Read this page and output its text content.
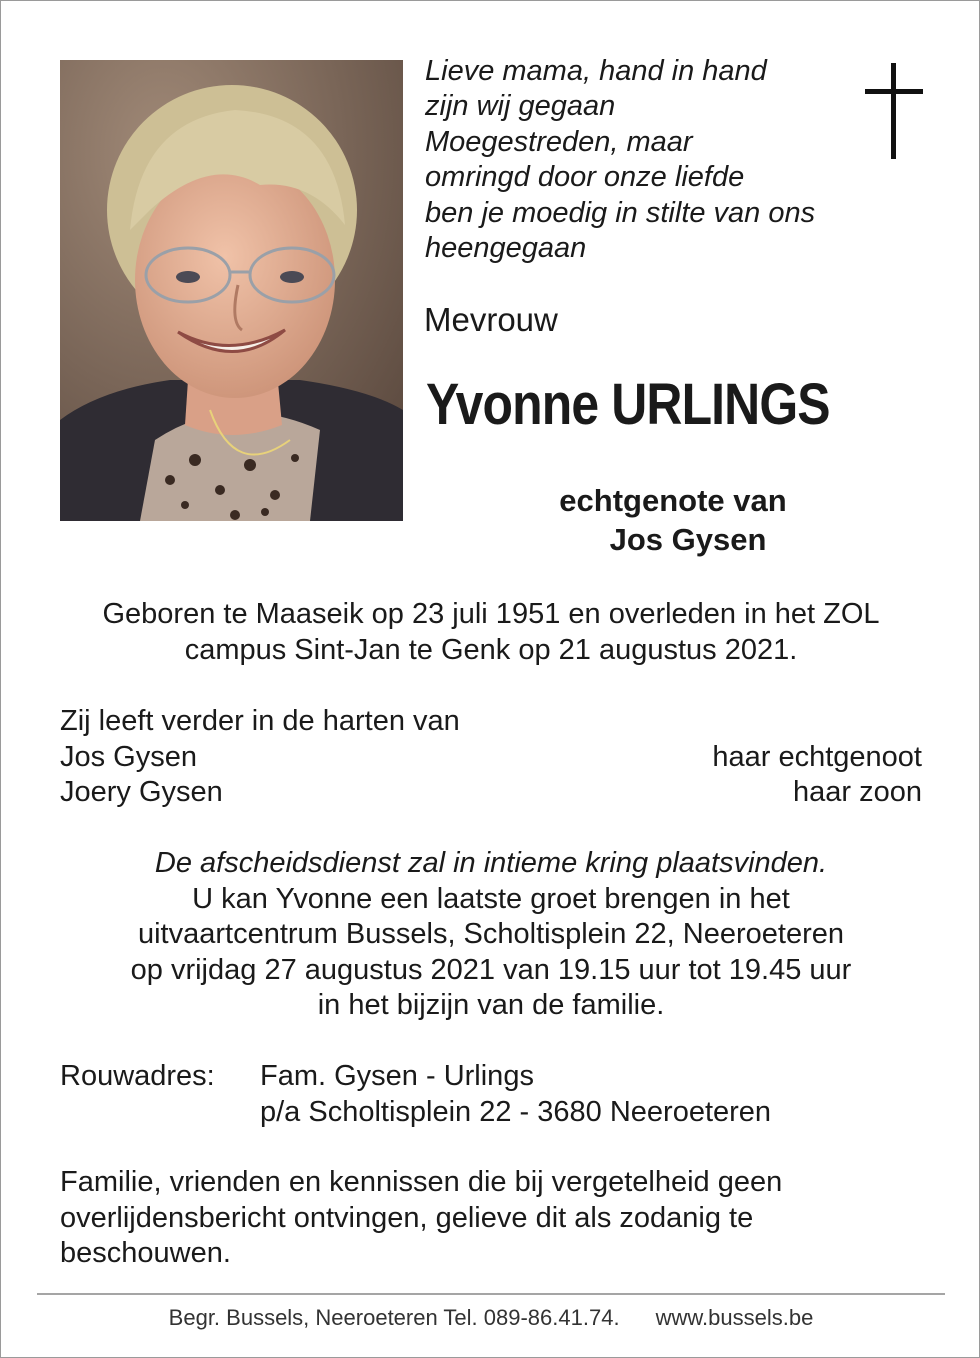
Lieve mama, hand in hand
zijn wij gegaan
Moegestreden, maar
omringd door onze liefde
ben je moedig in stilte van ons
heengegaan

Mevrouw
Yvonne URLINGS
echtgenote van
Jos Gysen
Geboren te Maaseik op 23 juli 1951 en overleden in het ZOL
campus Sint-Jan te Genk op 21 augustus 2021.
Zij leeft verder in de harten van
Jos Gysen	haar echtgenoot
Joery Gysen	haar zoon
De afscheidsdienst zal in intieme kring plaatsvinden.
U kan Yvonne een laatste groet brengen in het
uitvaartcentrum Bussels, Scholtisplein 22, Neeroeteren
op vrijdag 27 augustus 2021 van 19.15 uur tot 19.45 uur
in het bijzijn van de familie.
Rouwadres: Fam. Gysen - Urlings
p/a Scholtisplein 22 - 3680 Neeroeteren
Familie, vrienden en kennissen die bij vergetelheid geen
overlijdensbericht ontvingen, gelieve dit als zodanig te
beschouwen.
Begr. Bussels, Neeroeteren Tel. 089-86.41.74. www.bussels.be
